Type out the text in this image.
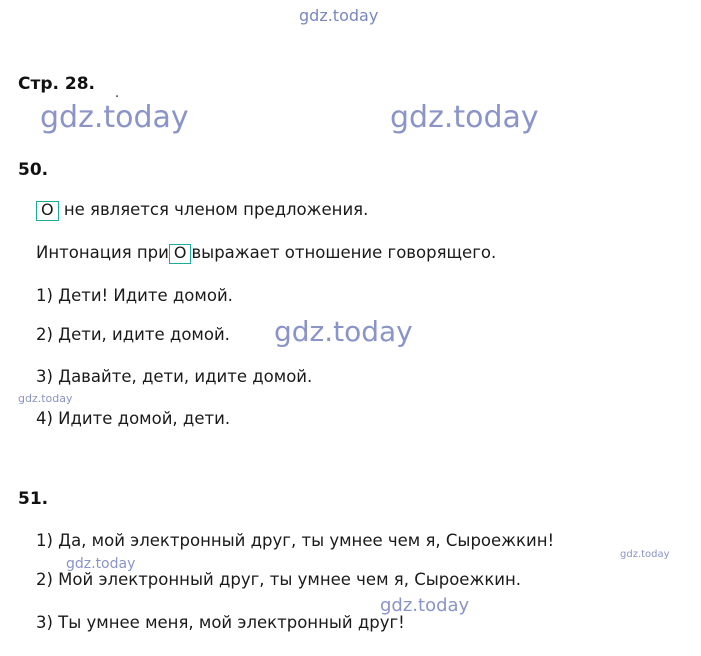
gdz.today
gdz.today	gdz.today
gdz.today
gdz.today
gdz.today
gdz.today
gdz.today
Стр. 28. .
50.
О не является членом предложения.
Интонация при О выражает отношение говорящего.
1) Дети! Идите домой.
2) Дети, идите домой.
3) Давайте, дети, идите домой.
4) Идите домой, дети.
51.
1) Да, мой электронный друг, ты умнее чем я, Сыроежкин!
2) Мой электронный друг, ты умнее чем я, Сыроежкин.
3) Ты умнее меня, мой электронный друг!
